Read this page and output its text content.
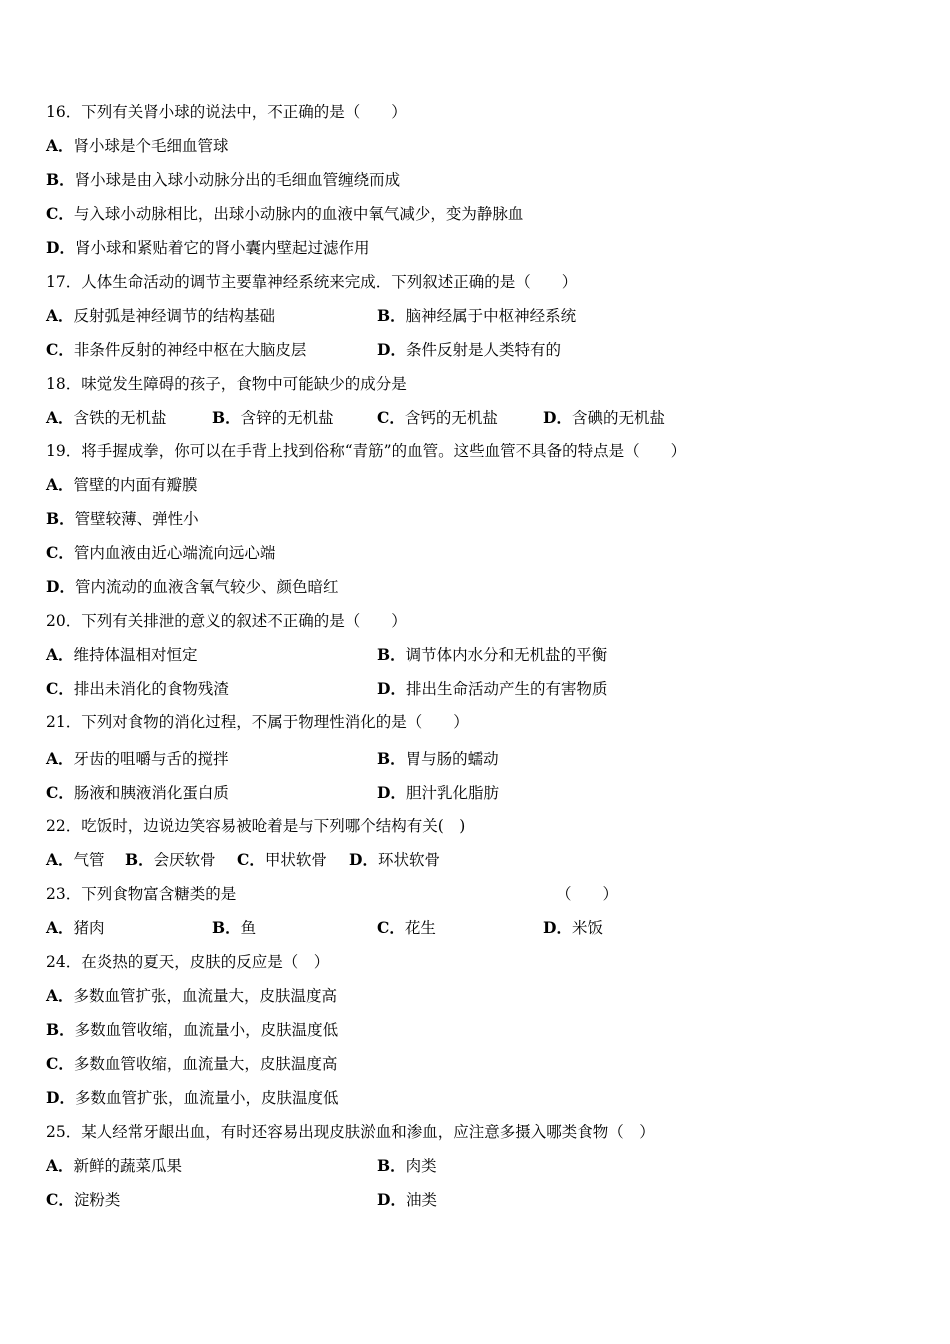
16．下列有关肾小球的说法中，不正确的是（　　）
A．肾小球是个毛细血管球
B．肾小球是由入球小动脉分出的毛细血管缠绕而成
C．与入球小动脉相比，出球小动脉内的血液中氧气减少，变为静脉血
D．肾小球和紧贴着它的肾小囊内壁起过滤作用
17．人体生命活动的调节主要靠神经系统来完成．下列叙述正确的是（　　）
A．反射弧是神经调节的结构基础	B．脑神经属于中枢神经系统
C．非条件反射的神经中枢在大脑皮层	D．条件反射是人类特有的
18．味觉发生障碍的孩子，食物中可能缺少的成分是
A．含铁的无机盐	B．含锌的无机盐	C．含钙的无机盐	D．含碘的无机盐
19．将手握成拳，你可以在手背上找到俗称“青筋”的血管。这些血管不具备的特点是（　　）
A．管壁的内面有瓣膜
B．管壁较薄、弹性小
C．管内血液由近心端流向远心端
D．管内流动的血液含氧气较少、颜色暗红
20．下列有关排泄的意义的叙述不正确的是（　　）
A．维持体温相对恒定	B．调节体内水分和无机盐的平衡
C．排出未消化的食物残渣	D．排出生命活动产生的有害物质
21．下列对食物的消化过程，不属于物理性消化的是（　　）
A．牙齿的咀嚼与舌的搅拌	B．胃与肠的蠕动
C．肠液和胰液消化蛋白质	D．胆汁乳化脂肪
22．吃饭时，边说边笑容易被呛着是与下列哪个结构有关(　)
A．气管 B．会厌软骨 C．甲状软骨 D．环状软骨
23．下列食物富含糖类的是	（　　）
A．猪肉	B．鱼	C．花生	D．米饭
24．在炎热的夏天，皮肤的反应是（　）
A．多数血管扩张，血流量大，皮肤温度高
B．多数血管收缩，血流量小，皮肤温度低
C．多数血管收缩，血流量大，皮肤温度高
D．多数血管扩张，血流量小，皮肤温度低
25．某人经常牙龈出血，有时还容易出现皮肤淤血和渗血，应注意多摄入哪类食物（　）
A．新鲜的蔬菜瓜果	B．肉类
C．淀粉类	D．油类
